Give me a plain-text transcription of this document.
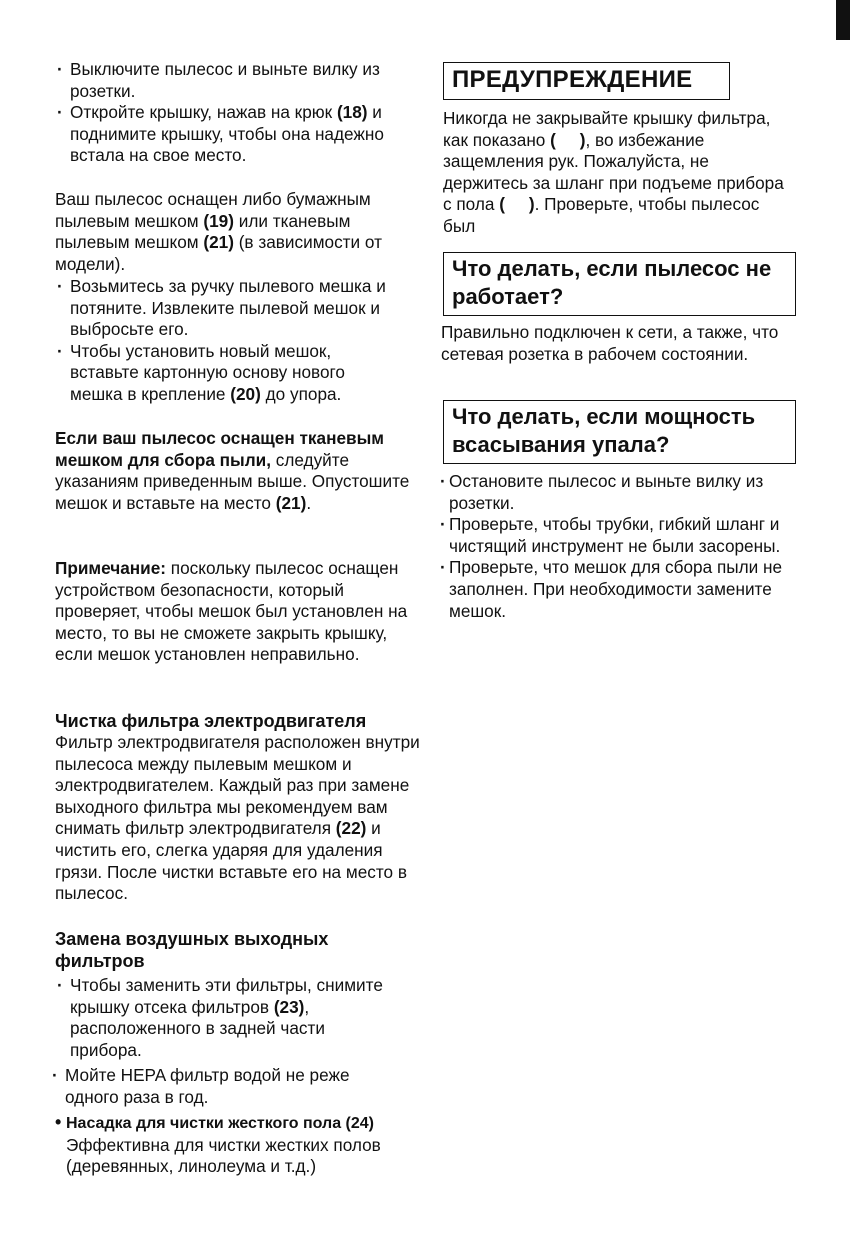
· Выключите пылесос и выньте вилку из розетки.
· Откройте крышку, нажав на крюк (18) и поднимите крышку, чтобы она надежно встала на свое место.

Ваш пылесос оснащен либо бумажным пылевым мешком (19) или тканевым пылевым мешком (21) (в зависимости от модели).

· Возьмитесь за ручку пылевого мешка и потяните. Извлеките пылевой мешок и выбросьте его.
· Чтобы установить новый мешок, вставьте картонную основу нового мешка в крепление (20) до упора.

Если ваш пылесос оснащен тканевым мешком для сбора пыли, следуйте указаниям приведенным выше. Опустошите мешок и вставьте на место (21).

Примечание: поскольку пылесос оснащен устройством безопасности, который проверяет, чтобы мешок был установлен на место, то вы не сможете закрыть крышку, если мешок установлен неправильно.

Чистка фильтра электродвигателя

Фильтр электродвигателя расположен внутри пылесоса между пылевым мешком и электродвигателем. Каждый раз при замене выходного фильтра мы рекомендуем вам снимать фильтр электродвигателя (22) и чистить его, слегка ударяя для удаления грязи. После чистки вставьте его на место в пылесос.

Замена воздушных выходных фильтров
· Чтобы заменить эти фильтры, снимите крышку отсека фильтров (23), расположенного в задней части прибора.
· Мойте HEPA фильтр водой не реже одного раза в год.
• Насадка для чистки жесткого пола (24)
Эффективна для чистки жестких полов (деревянных, линолеума и т.д.)
ПРЕДУПРЕЖДЕНИЕ

Никогда не закрывайте крышку фильтра, как показано (     ), во избежание защемления рук. Пожалуйста, не держитесь за шланг при подъеме прибора с пола (     ). Проверьте, чтобы пылесос был

Что делать, если пылесос не работает?

Правильно подключен к сети, а также, что сетевая розетка в рабочем состоянии.

Что делать, если мощность всасывания упала?
· Остановите пылесос и выньте вилку из розетки.
· Проверьте, чтобы трубки, гибкий шланг и чистящий инструмент не были засорены.
· Проверьте, что мешок для сбора пыли не заполнен. При необходимости замените мешок.
